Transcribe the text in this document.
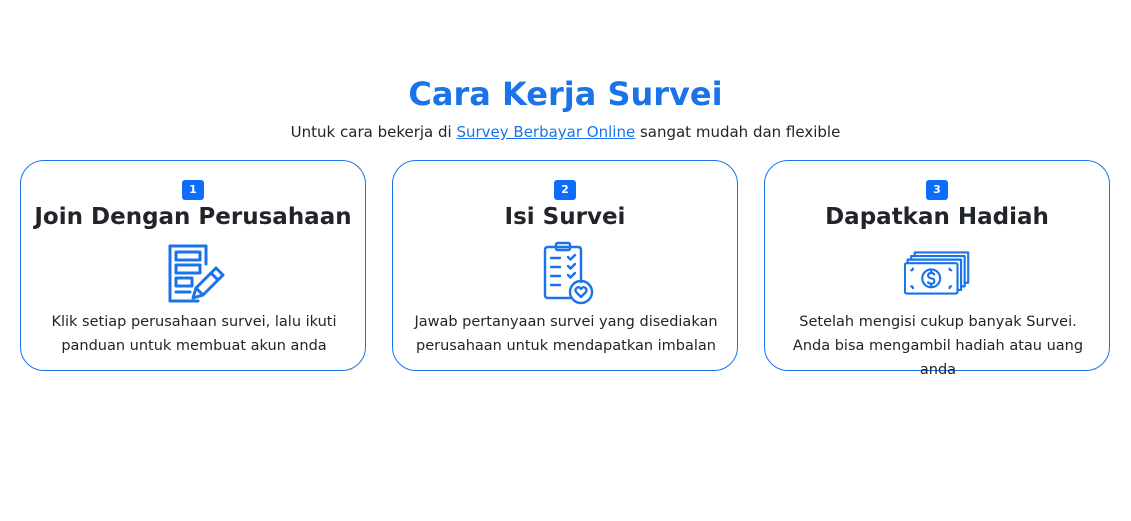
Cara Kerja Survei

Untuk cara bekerja di Survey Berbayar Online sangat mudah dan flexible

1
Join Dengan Perusahaan

Klik setiap perusahaan survei, lalu ikuti panduan untuk membuat akun anda

2
Isi Survei

Jawab pertanyaan survei yang disediakan perusahaan untuk mendapatkan imbalan

3
Dapatkan Hadiah

Setelah mengisi cukup banyak Survei. Anda bisa mengambil hadiah atau uang anda
